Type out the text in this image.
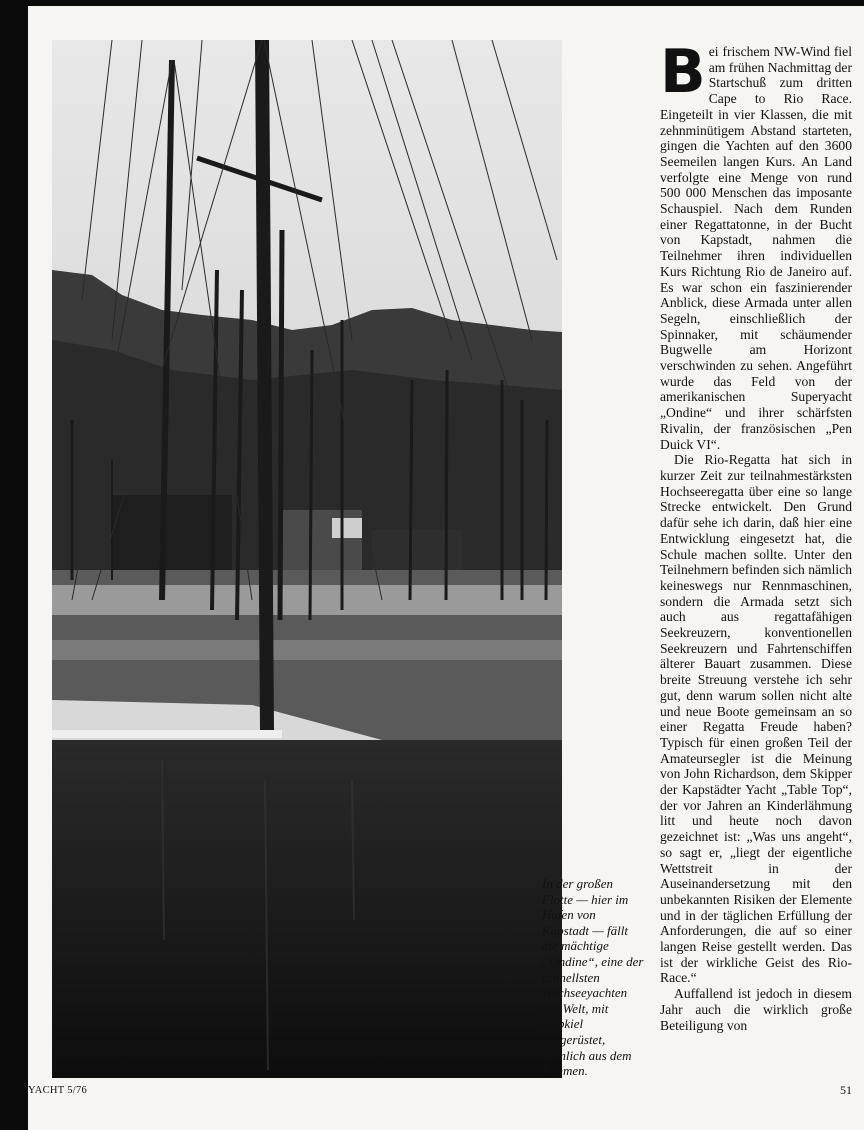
In der großen Flotte — hier im Hafen von Kapstadt — fällt die mächtige „Ondine“, eine der schnellsten Hochseeyachten der Welt, mit Hubkiel ausgerüstet, ziemlich aus dem Rahmen.

Bei frischem NW-Wind fiel am frühen Nachmittag der Startschuß zum dritten Cape to Rio Race. Eingeteilt in vier Klassen, die mit zehnminütigem Abstand starteten, gingen die Yachten auf den 3600 Seemeilen langen Kurs. An Land verfolgte eine Menge von rund 500 000 Menschen das imposante Schauspiel. Nach dem Runden einer Regattatonne, in der Bucht von Kapstadt, nahmen die Teilnehmer ihren individuellen Kurs Richtung Rio de Janeiro auf. Es war schon ein faszinierender Anblick, diese Armada unter allen Segeln, einschließlich der Spinnaker, mit schäumender Bugwelle am Horizont verschwinden zu sehen. Angeführt wurde das Feld von der amerikanischen Superyacht „Ondine“ und ihrer schärfsten Rivalin, der französischen „Pen Duick VI“.

Die Rio-Regatta hat sich in kurzer Zeit zur teilnahmestärksten Hochseeregatta über eine so lange Strecke entwickelt. Den Grund dafür sehe ich darin, daß hier eine Entwicklung eingesetzt hat, die Schule machen sollte. Unter den Teilnehmern befinden sich nämlich keineswegs nur Rennmaschinen, sondern die Armada setzt sich auch aus regattafähigen Seekreuzern, konventionellen Seekreuzern und Fahrtenschiffen älterer Bauart zusammen. Diese breite Streuung verstehe ich sehr gut, denn warum sollen nicht alte und neue Boote gemeinsam an so einer Regatta Freude haben? Typisch für einen großen Teil der Amateursegler ist die Meinung von John Richardson, dem Skipper der Kapstädter Yacht „Table Top“, der vor Jahren an Kinderlähmung litt und heute noch davon gezeichnet ist: „Was uns angeht“, so sagt er, „liegt der eigentliche Wettstreit in der Auseinandersetzung mit den unbekannten Risiken der Elemente und in der täglichen Erfüllung der Anforderungen, die auf so einer langen Reise gestellt werden. Das ist der wirkliche Geist des Rio-Race.“

Auffallend ist jedoch in diesem Jahr auch die wirklich große Beteiligung von

YACHT 5/76	51
